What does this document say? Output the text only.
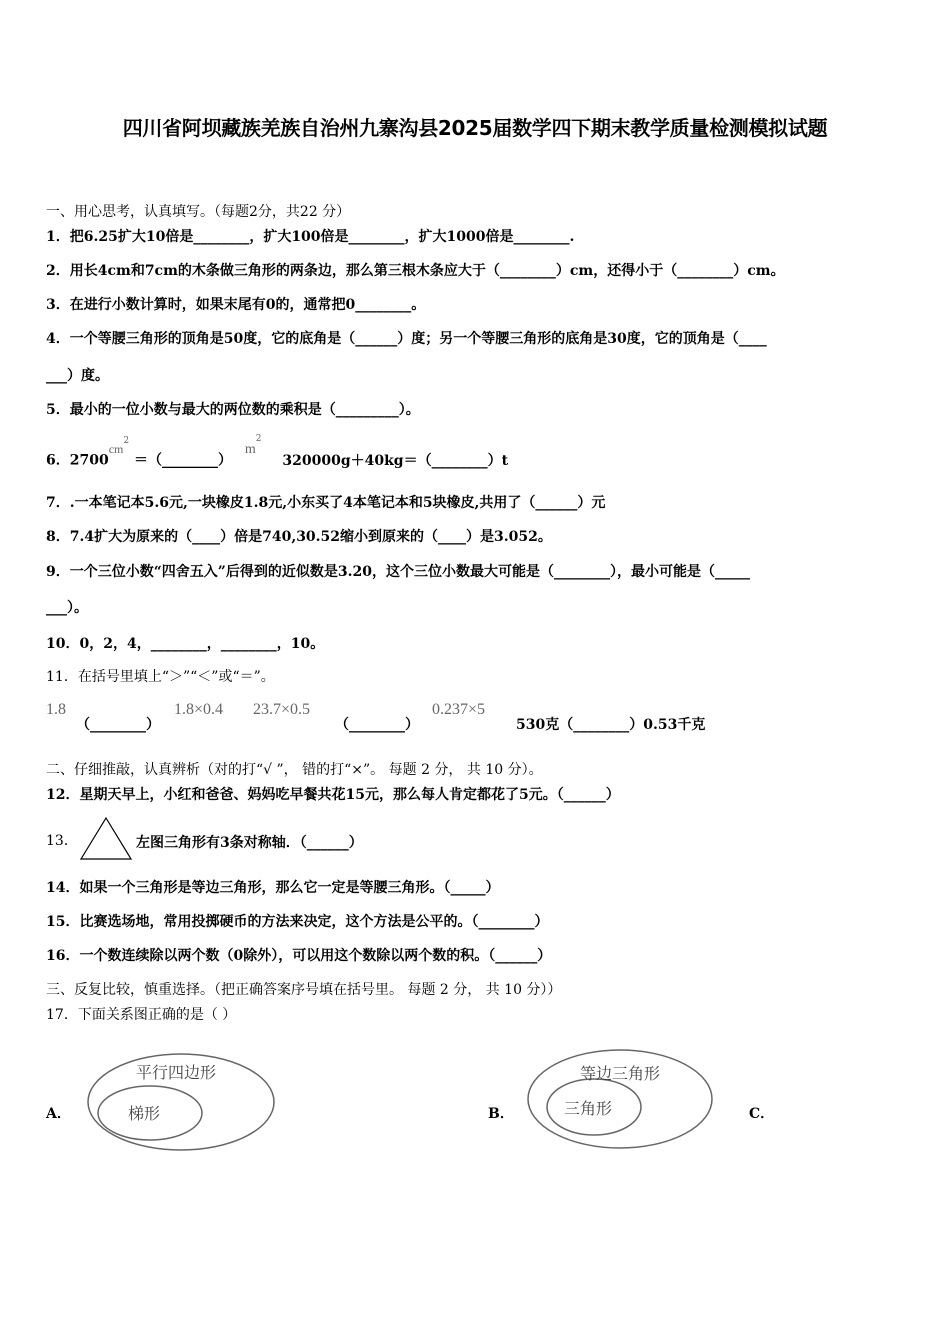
四川省阿坝藏族羌族自治州九寨沟县2025届数学四下期末教学质量检测模拟试题
一、用心思考，认真填写。（每题2分，共22 分）
1．把6.25扩大10倍是________，扩大100倍是________，扩大1000倍是________.
2．用长4cm和7cm的木条做三角形的两条边，那么第三根木条应大于（________）cm，还得小于（________）cm。
3．在进行小数计算时，如果末尾有0的，通常把0________。
4．一个等腰三角形的顶角是50度，它的底角是（______）度；另一个等腰三角形的底角是30度，它的顶角是（____
___）度。
5．最小的一位小数与最大的两位数的乘积是（_________）。
6．$2700cm^2$ ＝（________） $m^2$ 320000g＋40kg＝（________）t
7．.一本笔记本5.6元,一块橡皮1.8元,小东买了4本笔记本和5块橡皮,共用了（______）元
8．7.4扩大为原来的（____）倍是740,30.52缩小到原来的（____）是3.052。
9．一个三位小数“四舍五入”后得到的近似数是3.20，这个三位小数最大可能是（________），最小可能是（_____
___）。
10．0，2，4，________，________，10。
11．在括号里填上“＞”“＜”或“＝”。
1.8
（________）
1.8×0.4 23.7×0.5
（________）
0.237×5
530克（________）0.53千克
二、仔细推敲，认真辨析（对的打“√ ”， 错的打“×”。 每题 2 分， 共 10 分）。
12．星期天早上，小红和爸爸、妈妈吃早餐共花15元，那么每人肯定都花了5元。（______）
13．	左图三角形有3条对称轴．（______）
14．如果一个三角形是等边三角形，那么它一定是等腰三角形。（_____）
15．比赛选场地，常用投掷硬币的方法来决定，这个方法是公平的。（________）
16．一个数连续除以两个数（0除外），可以用这个数除以两个数的积。（______）
三、反复比较，慎重选择。（把正确答案序号填在括号里。 每题 2 分， 共 10 分））
17．下面关系图正确的是（ ）
A．
平行四边形
梯形	B．
等边三角形
三角形	C．
